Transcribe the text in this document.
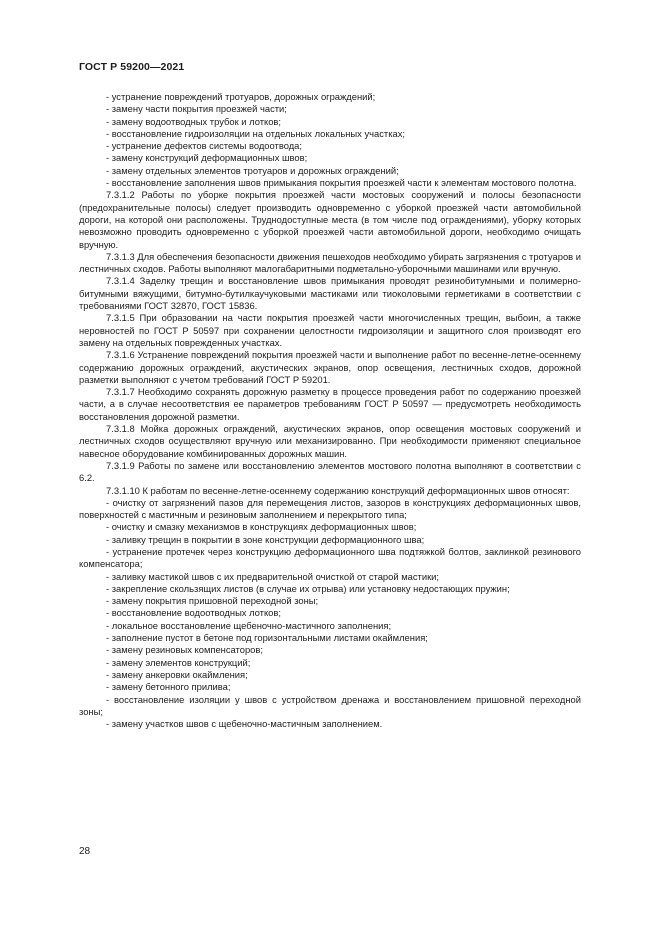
ГОСТ Р 59200—2021

- устранение повреждений тротуаров, дорожных ограждений;

- замену части покрытия проезжей части;

- замену водоотводных трубок и лотков;

- восстановление гидроизоляции на отдельных локальных участках;

- устранение дефектов системы водоотвода;

- замену конструкций деформационных швов;

- замену отдельных элементов тротуаров и дорожных ограждений;

- восстановление заполнения швов примыкания покрытия проезжей части к элементам мостового полотна.

7.3.1.2 Работы по уборке покрытия проезжей части мостовых сооружений и полосы безопасности (предохранительные полосы) следует производить одновременно с уборкой проезжей части автомобильной дороги, на которой они расположены. Труднодоступные места (в том числе под ограждениями), уборку которых невозможно проводить одновременно с уборкой проезжей части автомобильной дороги, необходимо очищать вручную.

7.3.1.3 Для обеспечения безопасности движения пешеходов необходимо убирать загрязнения с тротуаров и лестничных сходов. Работы выполняют малогабаритными подметально-уборочными машинами или вручную.

7.3.1.4 Заделку трещин и восстановление швов примыкания проводят резинобитумными и полимерно-битумными вяжущими, битумно-бутилкаучуковыми мастиками или тиоколовыми герметиками в соответствии с требованиями ГОСТ 32870, ГОСТ 15836.

7.3.1.5 При образовании на части покрытия проезжей части многочисленных трещин, выбоин, а также неровностей по ГОСТ Р 50597 при сохранении целостности гидроизоляции и защитного слоя производят его замену на отдельных поврежденных участках.

7.3.1.6 Устранение повреждений покрытия проезжей части и выполнение работ по весенне-летне-осеннему содержанию дорожных ограждений, акустических экранов, опор освещения, лестничных сходов, дорожной разметки выполняют с учетом требований ГОСТ Р 59201.

7.3.1.7 Необходимо сохранять дорожную разметку в процессе проведения работ по содержанию проезжей части, а в случае несоответствия ее параметров требованиям ГОСТ Р 50597 — предусмотреть необходимость восстановления дорожной разметки.

7.3.1.8 Мойка дорожных ограждений, акустических экранов, опор освещения мостовых сооружений и лестничных сходов осуществляют вручную или механизированно. При необходимости применяют специальное навесное оборудование комбинированных дорожных машин.

7.3.1.9 Работы по замене или восстановлению элементов мостового полотна выполняют в соответствии с 6.2.

7.3.1.10 К работам по весенне-летне-осеннему содержанию конструкций деформационных швов относят:

- очистку от загрязнений пазов для перемещения листов, зазоров в конструкциях деформационных швов, поверхностей с мастичным и резиновым заполнением и перекрытого типа;

- очистку и смазку механизмов в конструкциях деформационных швов;

- заливку трещин в покрытии в зоне конструкции деформационного шва;

- устранение протечек через конструкцию деформационного шва подтяжкой болтов, заклинкой резинового компенсатора;

- заливку мастикой швов с их предварительной очисткой от старой мастики;

- закрепление скользящих листов (в случае их отрыва) или установку недостающих пружин;

- замену покрытия пришовной переходной зоны;

- восстановление водоотводных лотков;

- локальное восстановление щебеночно-мастичного заполнения;

- заполнение пустот в бетоне под горизонтальными листами окаймления;

- замену резиновых компенсаторов;

- замену элементов конструкций;

- замену анкеровки окаймления;

- замену бетонного прилива;

- восстановление изоляции у швов с устройством дренажа и восстановлением пришовной переходной зоны;

- замену участков швов с щебеночно-мастичным заполнением.

28
